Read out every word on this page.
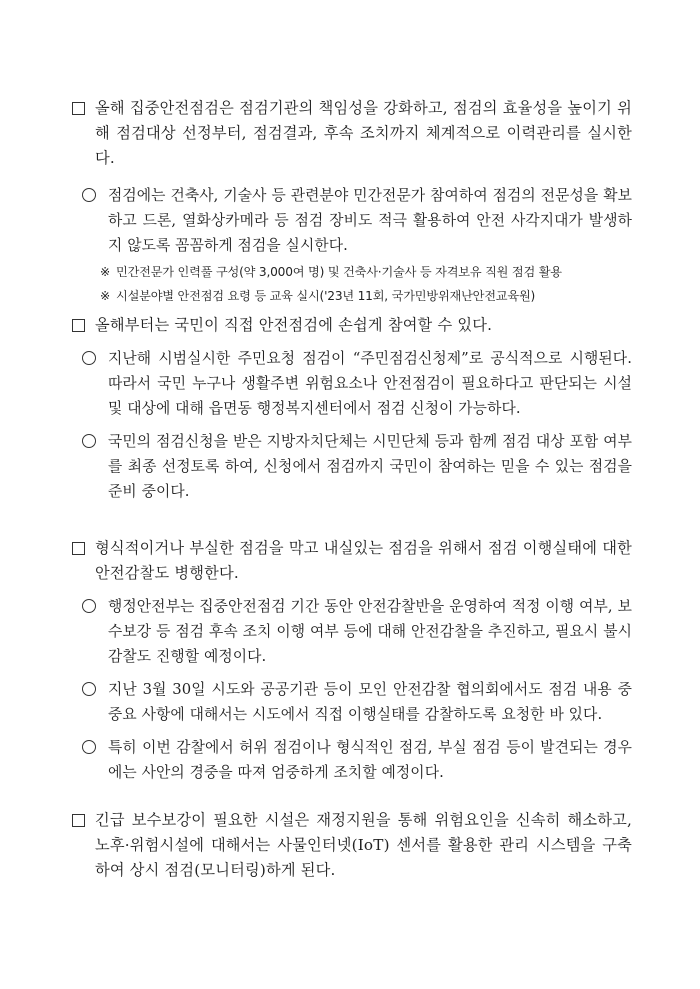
올해 집중안전점검은 점검기관의 책임성을 강화하고, 점검의 효율성을 높이기 위해 점검대상 선정부터, 점검결과, 후속 조치까지 체계적으로 이력관리를 실시한다.
점검에는 건축사, 기술사 등 관련분야 민간전문가 참여하여 점검의 전문성을 확보하고 드론, 열화상카메라 등 점검 장비도 적극 활용하여 안전 사각지대가 발생하지 않도록 꼼꼼하게 점검을 실시한다.
※ 민간전문가 인력풀 구성(약 3,000여 명) 및 건축사·기술사 등 자격보유 직원 점검 활용
※ 시설분야별 안전점검 요령 등 교육 실시('23년 11회, 국가민방위재난안전교육원)
올해부터는 국민이 직접 안전점검에 손쉽게 참여할 수 있다.
지난해 시범실시한 주민요청 점검이 “주민점검신청제”로 공식적으로 시행된다. 따라서 국민 누구나 생활주변 위험요소나 안전점검이 필요하다고 판단되는 시설 및 대상에 대해 읍면동 행정복지센터에서 점검 신청이 가능하다.
국민의 점검신청을 받은 지방자치단체는 시민단체 등과 함께 점검 대상 포함 여부를 최종 선정토록 하여, 신청에서 점검까지 국민이 참여하는 믿을 수 있는 점검을 준비 중이다.
형식적이거나 부실한 점검을 막고 내실있는 점검을 위해서 점검 이행실태에 대한 안전감찰도 병행한다.
행정안전부는 집중안전점검 기간 동안 안전감찰반을 운영하여 적정 이행 여부, 보수보강 등 점검 후속 조치 이행 여부 등에 대해 안전감찰을 추진하고, 필요시 불시감찰도 진행할 예정이다.
지난 3월 30일 시도와 공공기관 등이 모인 안전감찰 협의회에서도 점검 내용 중 중요 사항에 대해서는 시도에서 직접 이행실태를 감찰하도록 요청한 바 있다.
특히 이번 감찰에서 허위 점검이나 형식적인 점검, 부실 점검 등이 발견되는 경우에는 사안의 경중을 따져 엄중하게 조치할 예정이다.
긴급 보수보강이 필요한 시설은 재정지원을 통해 위험요인을 신속히 해소하고, 노후·위험시설에 대해서는 사물인터넷(IoT) 센서를 활용한 관리 시스템을 구축하여 상시 점검(모니터링)하게 된다.
